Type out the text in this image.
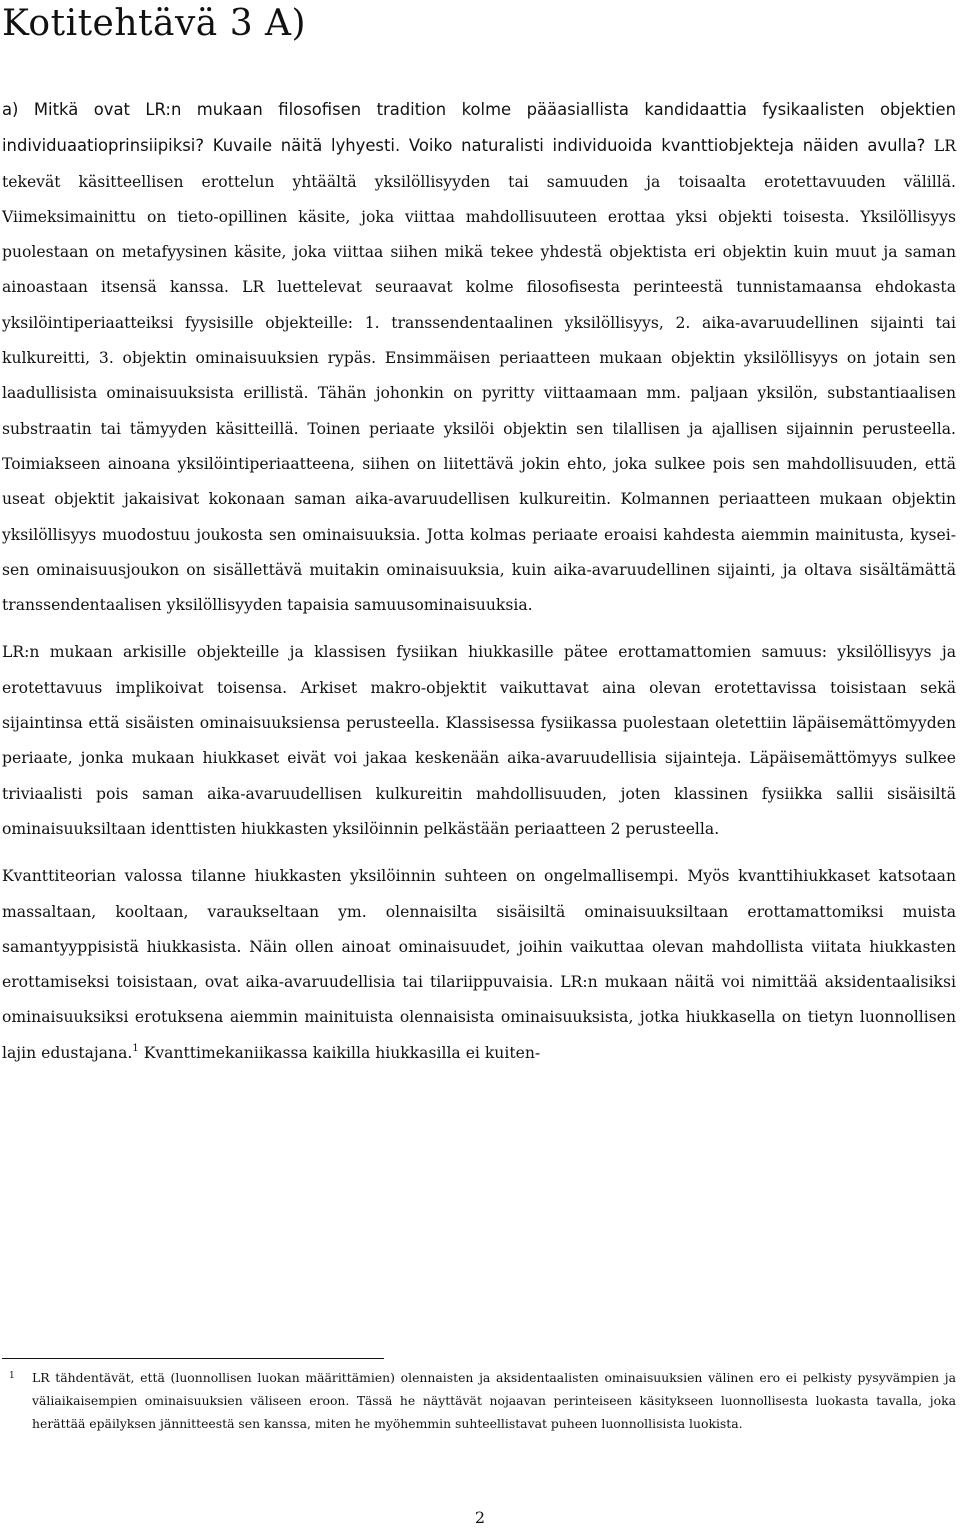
Kotitehtävä 3 A)

a) Mitkä ovat LR:n mukaan filosofisen tradition kolme pääasiallista kandidaattia fysikaalisten objektien individuaatioprinsiipiksi? Kuvaile näitä lyhyesti. Voiko naturalisti individuoida kvanttiobjekteja näiden avulla? LR tekevät käsitteellisen erottelun yhtäältä yksilöllisyyden tai samuuden ja toisaalta erotettavuuden välillä. Viimeksimainittu on tieto-opillinen käsite, joka viittaa mahdollisuuteen erottaa yksi objekti toisesta. Yksilöllisyys puolestaan on metafyysinen käsite, joka viittaa siihen mikä tekee yhdestä objektista eri objektin kuin muut ja saman ainoastaan itsensä kanssa. LR luettelevat seuraavat kolme filosofisesta perinteestä tunnistamaansa ehdokasta yksilöintiperiaatteiksi fyysisille objekteille: 1. transsendentaalinen yksilöllisyys, 2. aika-avaruudellinen sijainti tai kulkureitti, 3. objektin ominaisuuksien rypäs. Ensimmäisen periaatteen mukaan objektin yksilöllisyys on jotain sen laadullisista ominaisuuksista erillistä. Tähän johonkin on pyritty viittaamaan mm. paljaan yksilön, substantiaalisen substraatin tai tämyyden käsitteillä. Toinen periaate yksilöi objektin sen tilallisen ja ajallisen sijainnin perusteella. Toimiakseen ainoana yksilöintiperiaatteena, siihen on liitettävä jokin ehto, joka sulkee pois sen mahdollisuuden, että useat objektit jakaisivat kokonaan saman aika-avaruudellisen kulkureitin. Kolmannen periaatteen mukaan objektin yksilöllisyys muodostuu joukosta sen ominaisuuksia. Jotta kolmas periaate eroaisi kahdesta aiemmin mainitusta, kyseisen ominaisuusjoukon on sisällettävä muitakin ominaisuuksia, kuin aika-avaruudellinen sijainti, ja oltava sisältämättä transsendentaalisen yksilöllisyyden tapaisia samuusominaisuuksia.

LR:n mukaan arkisille objekteille ja klassisen fysiikan hiukkasille pätee erottamattomien samuus: yksilöllisyys ja erotettavuus implikoivat toisensa. Arkiset makro-objektit vaikuttavat aina olevan erotettavissa toisistaan sekä sijaintinsa että sisäisten ominaisuuksiensa perusteella. Klassisessa fysiikassa puolestaan oletettiin läpäisemättömyyden periaate, jonka mukaan hiukkaset eivät voi jakaa keskenään aika-avaruudellisia sijainteja. Läpäisemättömyys sulkee triviaalisti pois saman aika-avaruudellisen kulkureitin mahdollisuuden, joten klassinen fysiikka sallii sisäisiltä ominaisuuksiltaan identtisten hiukkasten yksilöinnin pelkästään periaatteen 2 perusteella.

Kvanttiteorian valossa tilanne hiukkasten yksilöinnin suhteen on ongelmallisempi. Myös kvanttihiukkaset katsotaan massaltaan, kooltaan, varaukseltaan ym. olennaisilta sisäisiltä ominaisuuksiltaan erottamattomiksi muista samantyyppisistä hiukkasista. Näin ollen ainoat ominaisuudet, joihin vaikuttaa olevan mahdollista viitata hiukkasten erottamiseksi toisistaan, ovat aika-avaruudellisia tai tilariippuvaisia. LR:n mukaan näitä voi nimittää aksidentaalisiksi ominaisuuksiksi erotuksena aiemmin mainituista olennaisista ominaisuuksista, jotka hiukkasella on tietyn luonnollisen lajin edustajana.$^1$ Kvanttimekaniikassa kaikilla hiukkasilla ei kuiten-

1 LR tähdentävät, että (luonnollisen luokan määrittämien) olennaisten ja aksidentaalisten ominaisuuksien välinen ero ei pelkisty pysyvämpien ja väliaikaisempien ominaisuuksien väliseen eroon. Tässä he näyttävät nojaavan perinteiseen käsitykseen luonnollisesta luokasta tavalla, joka herättää epäilyksen jännitteestä sen kanssa, miten he myöhemmin suhteellistavat puheen luonnollisista luokista.

2
